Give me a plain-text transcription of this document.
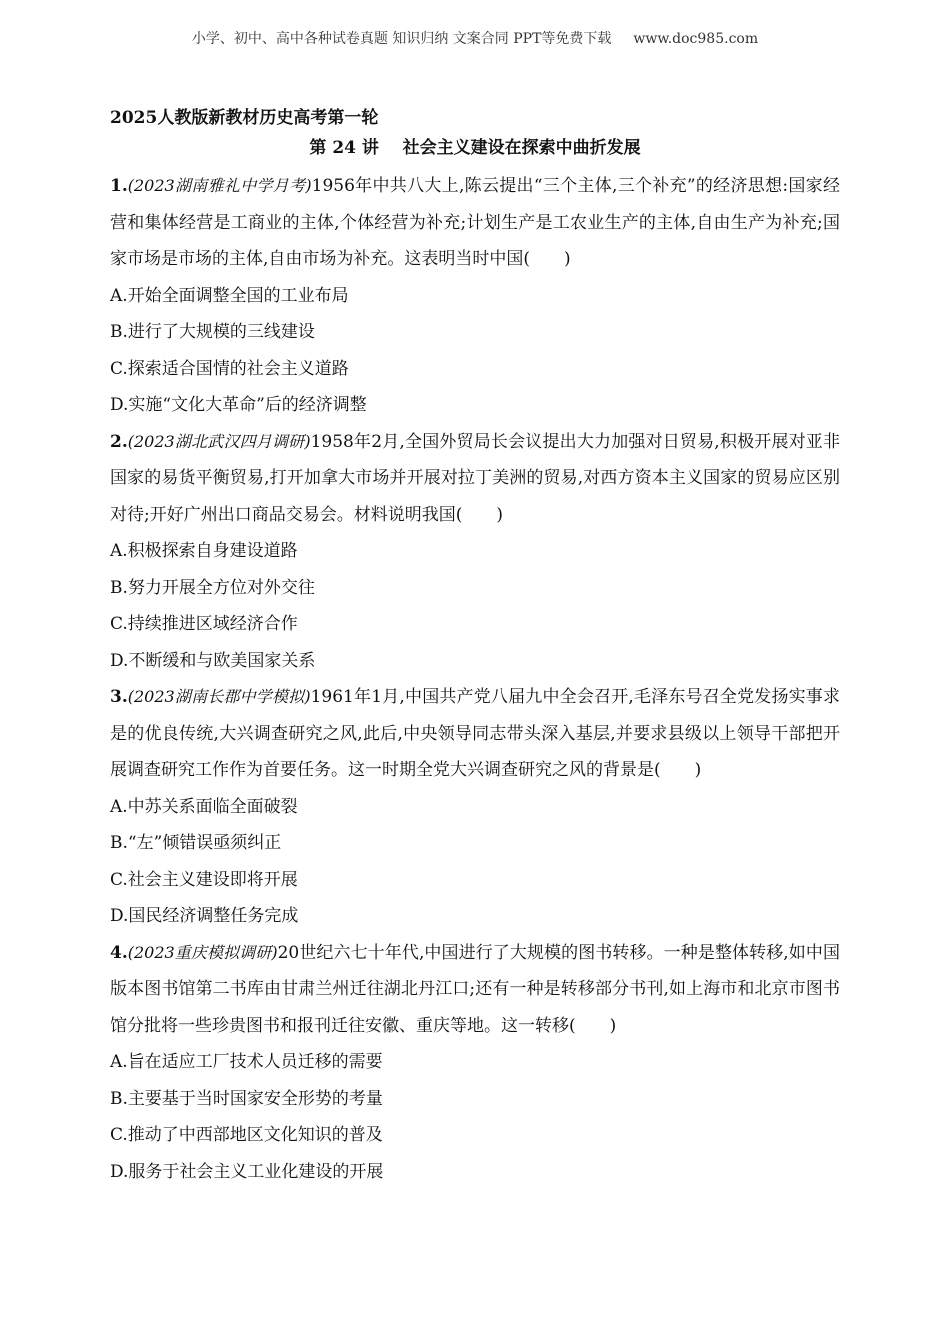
小学、初中、高中各种试卷真题 知识归纳 文案合同 PPT等免费下载 www.doc985.com
2025人教版新教材历史高考第一轮
第 24 讲    社会主义建设在探索中曲折发展

1.(2023湖南雅礼中学月考)1956年中共八大上,陈云提出“三个主体,三个补充”的经济思想:国家经营和集体经营是工商业的主体,个体经营为补充;计划生产是工农业生产的主体,自由生产为补充;国家市场是市场的主体,自由市场为补充。这表明当时中国(　　)

A.开始全面调整全国的工业布局

B.进行了大规模的三线建设

C.探索适合国情的社会主义道路

D.实施“文化大革命”后的经济调整

2.(2023湖北武汉四月调研)1958年2月,全国外贸局长会议提出大力加强对日贸易,积极开展对亚非国家的易货平衡贸易,打开加拿大市场并开展对拉丁美洲的贸易,对西方资本主义国家的贸易应区别对待;开好广州出口商品交易会。材料说明我国(　　)

A.积极探索自身建设道路

B.努力开展全方位对外交往

C.持续推进区域经济合作

D.不断缓和与欧美国家关系

3.(2023湖南长郡中学模拟)1961年1月,中国共产党八届九中全会召开,毛泽东号召全党发扬实事求是的优良传统,大兴调查研究之风,此后,中央领导同志带头深入基层,并要求县级以上领导干部把开展调查研究工作作为首要任务。这一时期全党大兴调查研究之风的背景是(　　)

A.中苏关系面临全面破裂

B.“左”倾错误亟须纠正

C.社会主义建设即将开展

D.国民经济调整任务完成

4.(2023重庆模拟调研)20世纪六七十年代,中国进行了大规模的图书转移。一种是整体转移,如中国版本图书馆第二书库由甘肃兰州迁往湖北丹江口;还有一种是转移部分书刊,如上海市和北京市图书馆分批将一些珍贵图书和报刊迁往安徽、重庆等地。这一转移(　　)

A.旨在适应工厂技术人员迁移的需要

B.主要基于当时国家安全形势的考量

C.推动了中西部地区文化知识的普及

D.服务于社会主义工业化建设的开展
